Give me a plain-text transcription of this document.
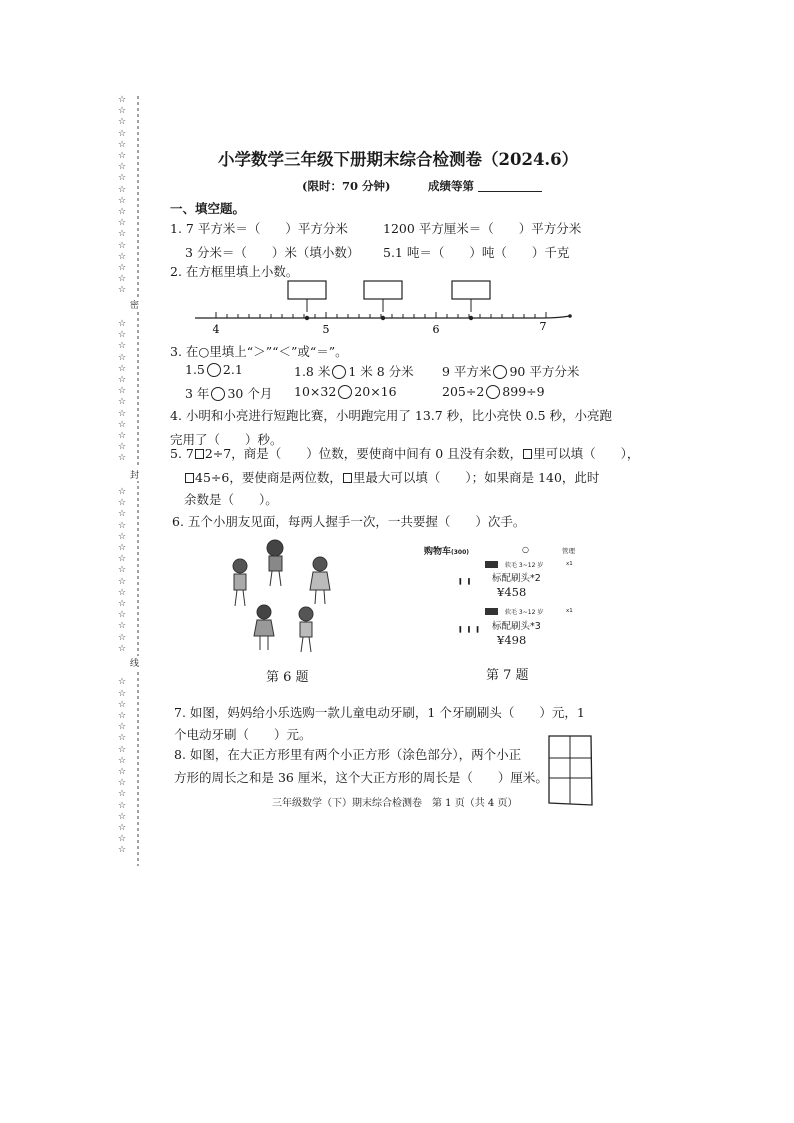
☆
☆
☆
☆
☆
☆
☆
☆
☆
☆
☆
☆
☆
☆
☆
☆
☆
☆
☆
☆
☆
☆
☆
☆
☆
☆
☆
☆
☆
☆
☆
☆
☆
☆
☆
☆
☆
☆
☆
☆
☆
☆
☆
☆
☆
☆
☆
☆
☆
☆
☆
☆
☆
☆
☆
☆
☆
☆
☆
☆
☆
☆
密
封
线
小学数学三年级下册期末综合检测卷（2024.6）
(限时：70 分钟)	成绩等第
一、填空题。
1. 7 平方米＝（　　）平方分米	1200 平方厘米＝（　　）平方分米
3 分米＝（　　）米（填小数） 5.1 吨＝（　　）吨（　　）千克
2. 在方框里填上小数。
4	5	6	7
3. 在○里填上“＞”“＜”或“＝”。
1.5 2.1	1.8 米 1 米 8 分米 9 平方米 90 平方分米
3 年 30 个月 10×32 20×16	205÷2 899÷9
4. 小明和小亮进行短跑比赛，小明跑完用了 13.7 秒，比小亮快 0.5 秒，小亮跑
完用了（　　）秒。
5. 7 2÷7，商是（　　）位数，要使商中间有 0 且没有余数， 里可以填（　　），
45÷6，要使商是两位数， 里最大可以填（　　）；如果商是 140，此时
余数是（　　）。
6. 五个小朋友见面，每两人握手一次，一共要握（　　）次手。
第 6 题
购物车(300)	○	管理
软毛 3~12 岁	x1
╻╻ 标配刷头*2
¥458
软毛 3~12 岁	x1
╻╻╻ 标配刷头*3
¥498
第 7 题
7. 如图，妈妈给小乐选购一款儿童电动牙刷，1 个牙刷刷头（　　）元，1
个电动牙刷（　　）元。
8. 如图，在大正方形里有两个小正方形（涂色部分），两个小正
方形的周长之和是 36 厘米，这个大正方形的周长是（　　）厘米。
三年级数学（下）期末综合检测卷　第 1 页（共 4 页）
